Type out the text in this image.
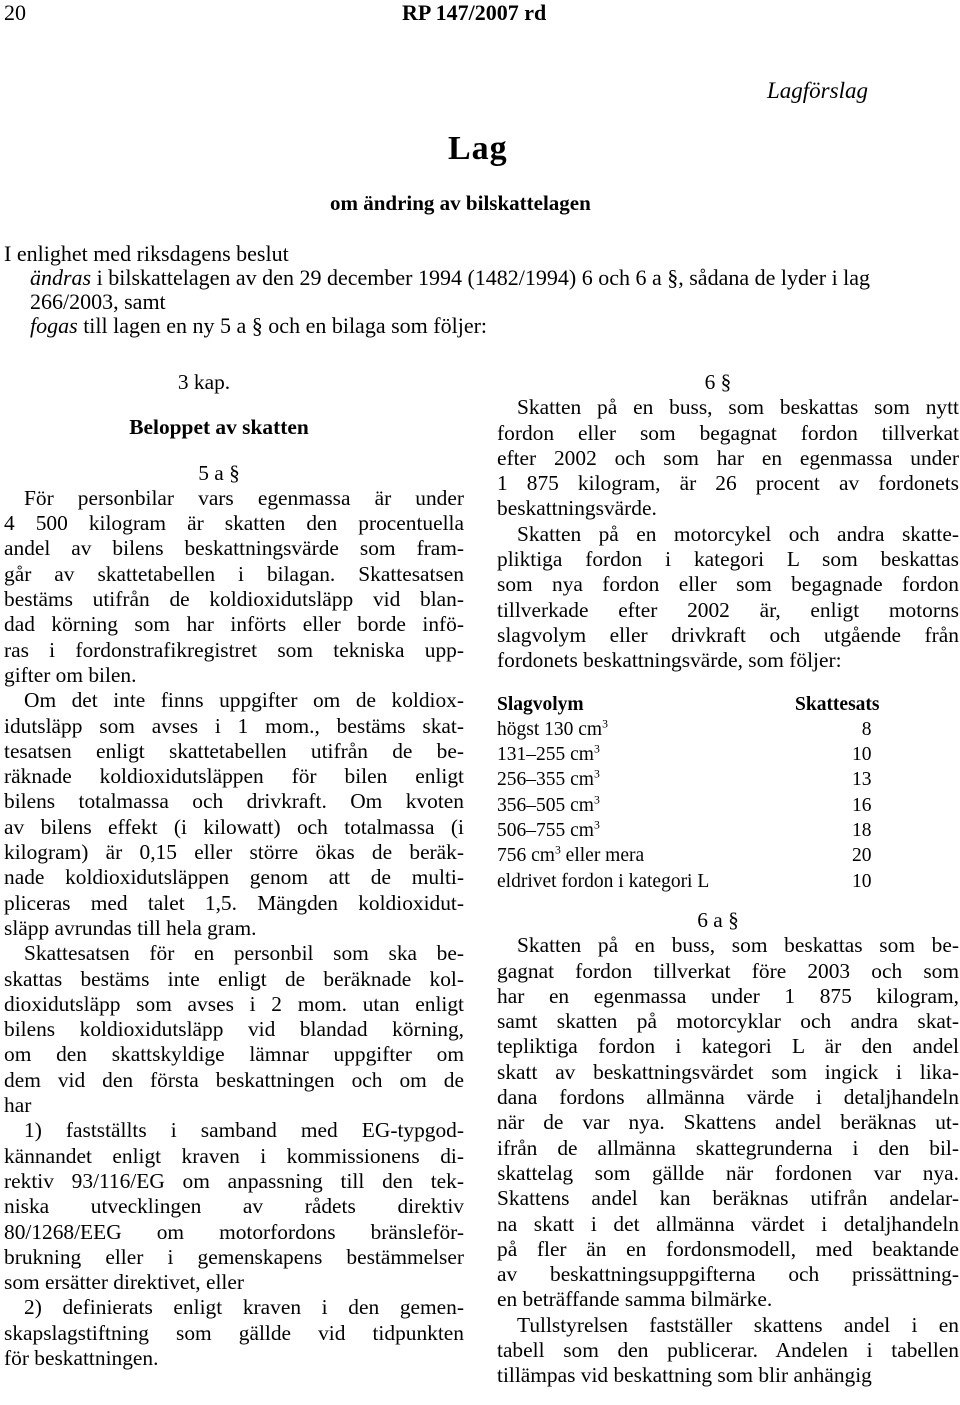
20	RP 147/2007 rd
Lagförslag
Lag
om ändring av bilskattelagen

I enlighet med riksdagens beslut

ändras i bilskattelagen av den 29 december 1994 (1482/1994) 6 och 6 a §, sådana de lyder i lag 266/2003, samt

fogas till lagen en ny 5 a § och en bilaga som följer:

3 kap.
Beloppet av skatten
5 a §
För personbilar vars egenmassa är under
4 500 kilogram är skatten den procentuella
andel av bilens beskattningsvärde som fram-
går av skattetabellen i bilagan. Skattesatsen
bestäms utifrån de koldioxidutsläpp vid blan-
dad körning som har införts eller borde infö-
ras i fordonstrafikregistret som tekniska upp-
gifter om bilen.
Om det inte finns uppgifter om de koldiox-
idutsläpp som avses i 1 mom., bestäms skat-
tesatsen enligt skattetabellen utifrån de be-
räknade koldioxidutsläppen för bilen enligt
bilens totalmassa och drivkraft. Om kvoten
av bilens effekt (i kilowatt) och totalmassa (i
kilogram) är 0,15 eller större ökas de beräk-
nade koldioxidutsläppen genom att de multi-
pliceras med talet 1,5. Mängden koldioxidut-
släpp avrundas till hela gram.
Skattesatsen för en personbil som ska be-
skattas bestäms inte enligt de beräknade kol-
dioxidutsläpp som avses i 2 mom. utan enligt
bilens koldioxidutsläpp vid blandad körning,
om den skattskyldige lämnar uppgifter om
dem vid den första beskattningen och om de
har
1) fastställts i samband med EG-typgod-
kännandet enligt kraven i kommissionens di-
rektiv 93/116/EG om anpassning till den tek-
niska utvecklingen av rådets direktiv
80/1268/EEG om motorfordons bränsleför-
brukning eller i gemenskapens bestämmelser
som ersätter direktivet, eller
2) definierats enligt kraven i den gemen-
skapslagstiftning som gällde vid tidpunkten
för beskattningen.
6 §
Skatten på en buss, som beskattas som nytt
fordon eller som begagnat fordon tillverkat
efter 2002 och som har en egenmassa under
1 875 kilogram, är 26 procent av fordonets
beskattningsvärde.
Skatten på en motorcykel och andra skatte-
pliktiga fordon i kategori L som beskattas
som nya fordon eller som begagnade fordon
tillverkade efter 2002 är, enligt motorns
slagvolym eller drivkraft och utgående från
fordonets beskattningsvärde, som följer:
Slagvolym	Skattesats
högst 130 $cm^3$	8
131–255 $cm^3$	10
256–355 $cm^3$	13
356–505 $cm^3$	16
506–755 $cm^3$	18
756 $cm^3$ eller mera	20
eldrivet fordon i kategori L	10
6 a §
Skatten på en buss, som beskattas som be-
gagnat fordon tillverkat före 2003 och som
har en egenmassa under 1 875 kilogram,
samt skatten på motorcyklar och andra skat-
tepliktiga fordon i kategori L är den andel
skatt av beskattningsvärdet som ingick i lika-
dana fordons allmänna värde i detaljhandeln
när de var nya. Skattens andel beräknas ut-
ifrån de allmänna skattegrunderna i den bil-
skattelag som gällde när fordonen var nya.
Skattens andel kan beräknas utifrån andelar-
na skatt i det allmänna värdet i detaljhandeln
på fler än en fordonsmodell, med beaktande
av beskattningsuppgifterna och prissättning-
en beträffande samma bilmärke.
Tullstyrelsen fastställer skattens andel i en
tabell som den publicerar. Andelen i tabellen
tillämpas vid beskattning som blir anhängig
